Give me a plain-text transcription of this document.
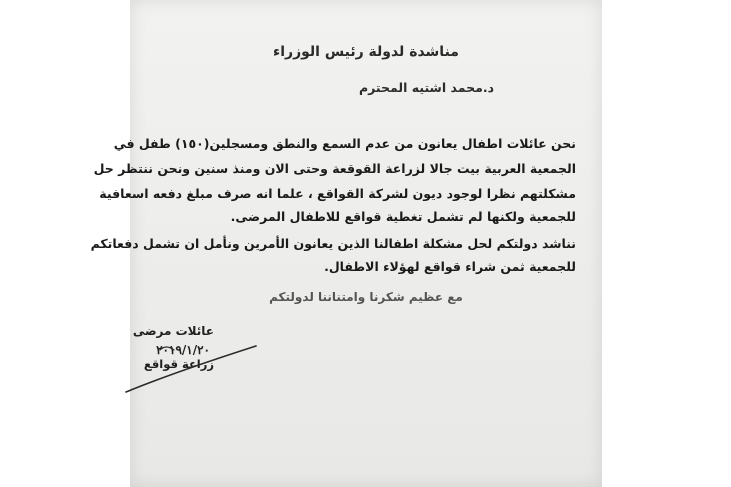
مناشدة لدولة رئيس الوزراء

د.محمد اشتيه المحترم

نحن عائلات اطفال يعانون من عدم السمع والنطق ومسجلين(١٥٠) طفل في

الجمعية العربية بيت جالا لزراعة القوقعة وحتى الان ومنذ سنين ونحن ننتظر حل

مشكلتهم نظرا لوجود ديون لشركة القواقع ، علما انه صرف مبلغ دفعه اسعافية

للجمعية ولكنها لم تشمل تغطية قواقع للاطفال المرضى.

نناشد دولتكم لحل مشكلة اطفالنا الذين يعانون الأمرين ونأمل ان تشمل دفعاتكم

للجمعية ثمن شراء قواقع لهؤلاء الاطفال.

مع عظيم شكرنا وامتناننا لدولتكم

عائلات مرضى

٢٠١٩/١/٢٠

زراعة قواقع
